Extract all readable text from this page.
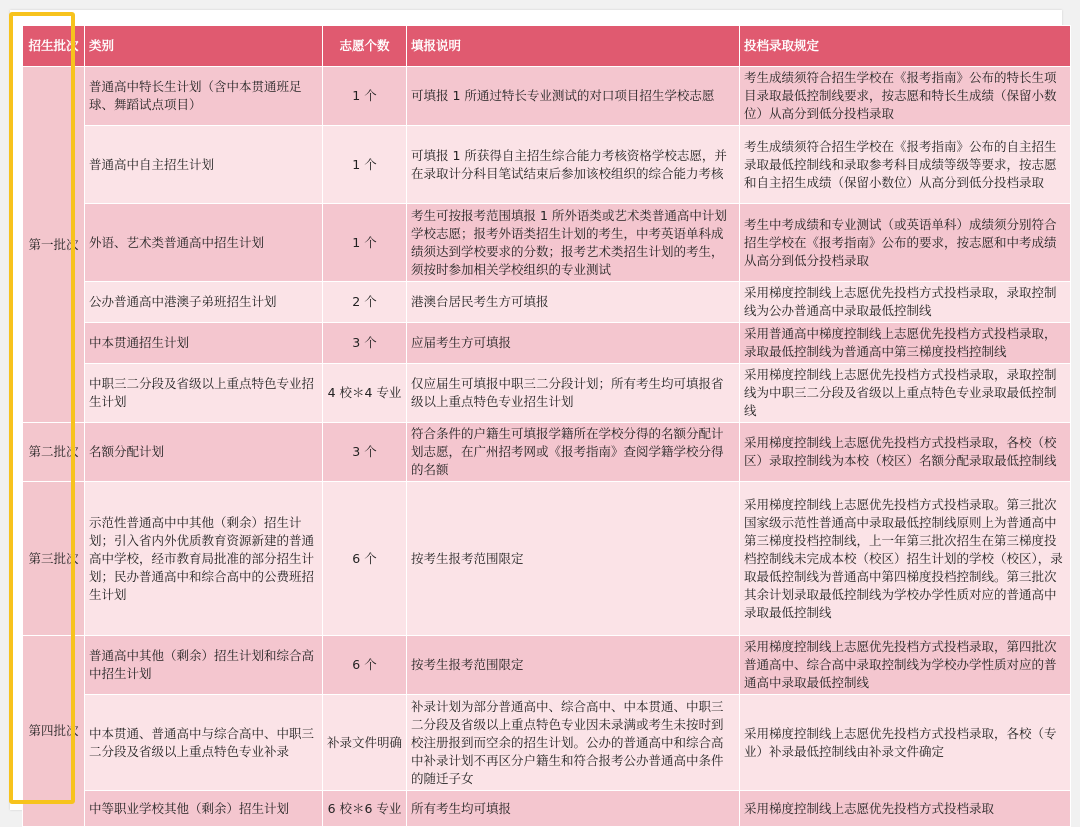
招生批次	类别	志愿个数	填报说明	投档录取规定
第一批次	普通高中特长生计划（含中本贯通班足球、舞蹈试点项目）	1 个	可填报 1 所通过特长专业测试的对口项目招生学校志愿	考生成绩须符合招生学校在《报考指南》公布的特长生项目录取最低控制线要求，按志愿和特长生成绩（保留小数位）从高分到低分投档录取
	普通高中自主招生计划	1 个	可填报 1 所获得自主招生综合能力考核资格学校志愿，并在录取计分科目笔试结束后参加该校组织的综合能力考核	考生成绩须符合招生学校在《报考指南》公布的自主招生录取最低控制线和录取参考科目成绩等级等要求，按志愿和自主招生成绩（保留小数位）从高分到低分投档录取
	外语、艺术类普通高中招生计划	1 个	考生可按报考范围填报 1 所外语类或艺术类普通高中计划学校志愿；报考外语类招生计划的考生，中考英语单科成绩须达到学校要求的分数；报考艺术类招生计划的考生，须按时参加相关学校组织的专业测试	考生中考成绩和专业测试（或英语单科）成绩须分别符合招生学校在《报考指南》公布的要求，按志愿和中考成绩从高分到低分投档录取
	公办普通高中港澳子弟班招生计划	2 个	港澳台居民考生方可填报	采用梯度控制线上志愿优先投档方式投档录取，录取控制线为公办普通高中录取最低控制线
	中本贯通招生计划	3 个	应届考生方可填报	采用普通高中梯度控制线上志愿优先投档方式投档录取，录取最低控制线为普通高中第三梯度投档控制线
	中职三二分段及省级以上重点特色专业招生计划	4 校＊4 专业	仅应届生可填报中职三二分段计划；所有考生均可填报省级以上重点特色专业招生计划	采用梯度控制线上志愿优先投档方式投档录取，录取控制线为中职三二分段及省级以上重点特色专业录取最低控制线
第二批次	名额分配计划	3 个	符合条件的户籍生可填报学籍所在学校分得的名额分配计划志愿，在广州招考网或《报考指南》查阅学籍学校分得的名额	采用梯度控制线上志愿优先投档方式投档录取，各校（校区）录取控制线为本校（校区）名额分配录取最低控制线
第三批次	示范性普通高中中其他（剩余）招生计划；引入省内外优质教育资源新建的普通高中学校，经市教育局批准的部分招生计划；民办普通高中和综合高中的公费班招生计划	6 个	按考生报考范围限定	采用梯度控制线上志愿优先投档方式投档录取。第三批次国家级示范性普通高中录取最低控制线原则上为普通高中第三梯度投档控制线，上一年第三批次招生在第三梯度投档控制线未完成本校（校区）招生计划的学校（校区），录取最低控制线为普通高中第四梯度投档控制线。第三批次其余计划录取最低控制线为学校办学性质对应的普通高中录取最低控制线
第四批次	普通高中其他（剩余）招生计划和综合高中招生计划	6 个	按考生报考范围限定	采用梯度控制线上志愿优先投档方式投档录取，第四批次普通高中、综合高中录取控制线为学校办学性质对应的普通高中录取最低控制线
	中本贯通、普通高中与综合高中、中职三二分段及省级以上重点特色专业补录	补录文件明确	补录计划为部分普通高中、综合高中、中本贯通、中职三二分段及省级以上重点特色专业因未录满或考生未按时到校注册报到而空余的招生计划。公办的普通高中和综合高中补录计划不再区分户籍生和符合报考公办普通高中条件的随迁子女	采用梯度控制线上志愿优先投档方式投档录取，各校（专业）补录最低控制线由补录文件确定
	中等职业学校其他（剩余）招生计划	6 校＊6 专业	所有考生均可填报	采用梯度控制线上志愿优先投档方式投档录取
